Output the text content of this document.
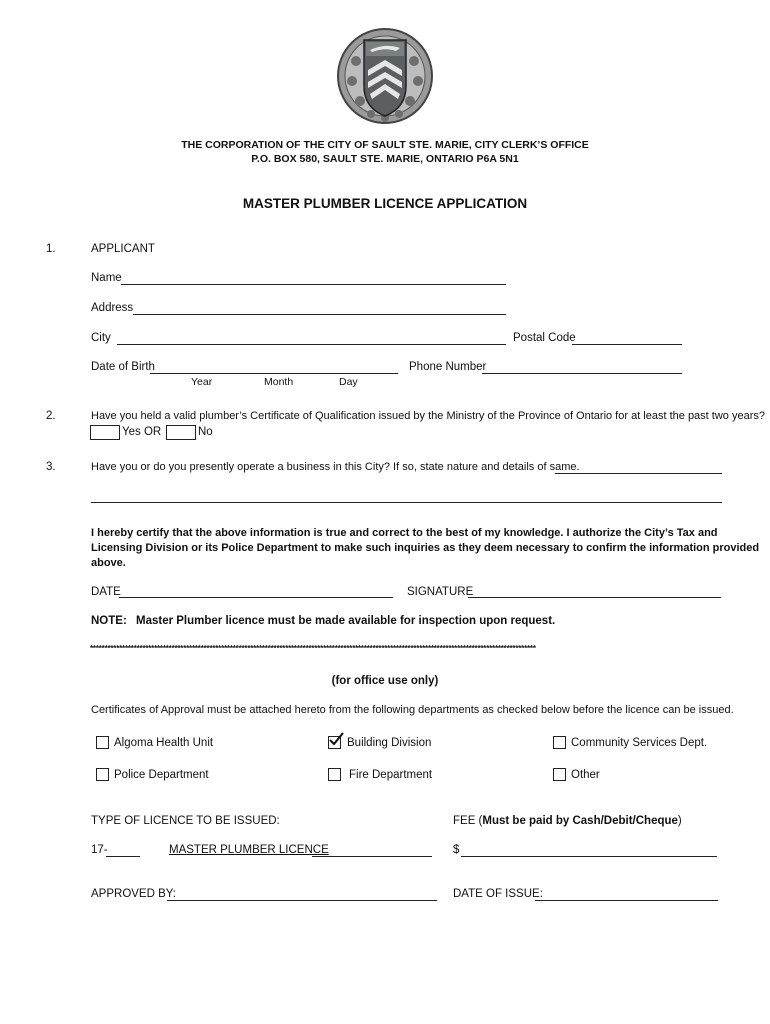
THE CORPORATION OF THE CITY OF SAULT STE. MARIE, CITY CLERK’S OFFICE
P.O. BOX 580, SAULT STE. MARIE, ONTARIO P6A 5N1
MASTER PLUMBER LICENCE APPLICATION
1.	APPLICANT
Name
Address
City	Postal Code
Date of Birth	Phone Number
Year	Month	Day
2.	Have you held a valid plumber’s Certificate of Qualification issued by the Ministry of the Province of Ontario for at least the past two years?
Yes OR	No
3.	Have you or do you presently operate a business in this City? If so, state nature and details of same.
I hereby certify that the above information is true and correct to the best of my knowledge. I authorize the City’s Tax and
Licensing Division or its Police Department to make such inquiries as they deem necessary to confirm the information provided
above.
DATE	SIGNATURE
NOTE: Master Plumber licence must be made available for inspection upon request.
*********************************************************************************************************************************************************
(for office use only)
Certificates of Approval must be attached hereto from the following departments as checked below before the licence can be issued.
Algoma Health Unit	Building Division	Community Services Dept.
Police Department	Fire Department	Other
TYPE OF LICENCE TO BE ISSUED:	FEE (Must be paid by Cash/Debit/Cheque)
17-	MASTER PLUMBER LICENCE	$
APPROVED BY:	DATE OF ISSUE:
